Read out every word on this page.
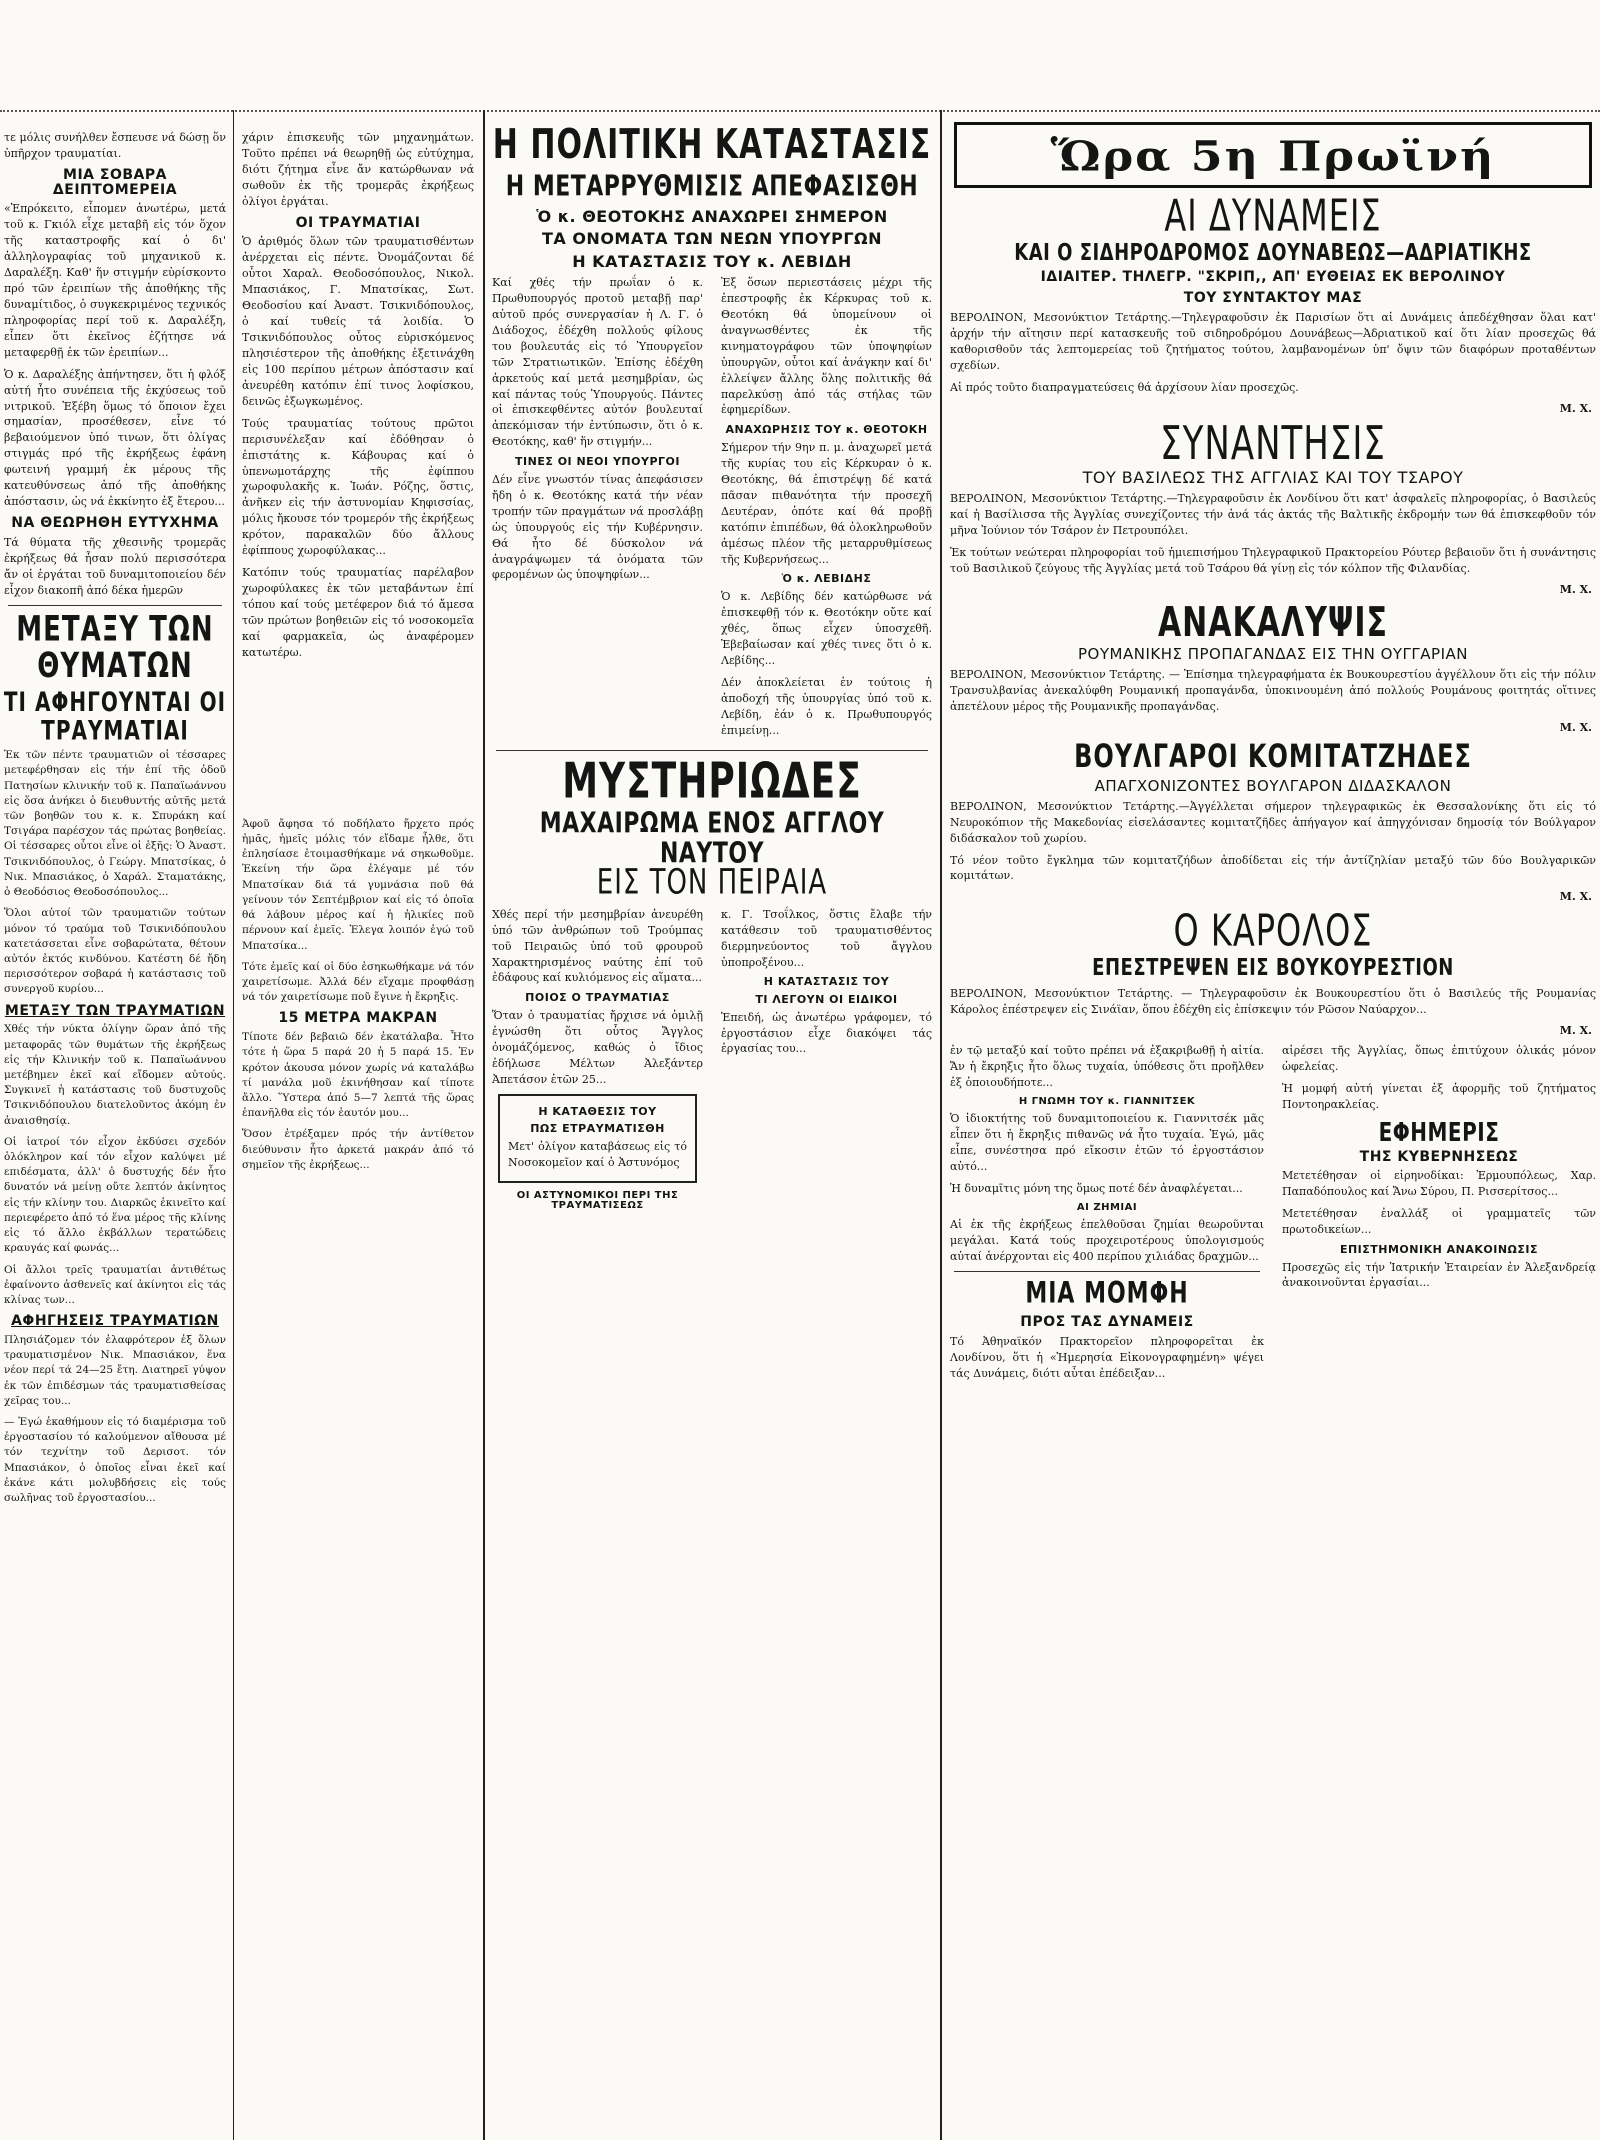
τε μόλις συνήλθεν ἔσπευσε νά δώσῃ ὅν ὑπῆρχον τραυματίαι.

ΜΙΑ ΣΟΒΑΡΑ ΔΕΙΠΤΟΜΕΡΕΙΑ

«Ἐπρόκειτο, εἶπομεν ἀνωτέρω, μετά τοῦ κ. Γκιόλ εἶχε μεταβῆ εἰς τόν ὅχον τῆς καταστροφῆς καί ὁ δι' ἀλληλογραφίας τοῦ μηχανικοῦ κ. Δαραλέξη. Καθ' ἥν στιγμήν εὑρίσκοντο πρό τῶν ἐρειπίων τῆς ἀποθήκης τῆς δυναμίτιδος, ὁ συγκεκριμένος τεχνικός πληροφορίας περί τοῦ κ. Δαραλέξη, εἶπεν ὅτι ἐκεῖνος ἐζήτησε νά μεταφερθῇ ἐκ τῶν ἐρειπίων...

Ὁ κ. Δαραλέξης ἀπήντησεν, ὅτι ἡ φλόξ αὐτή ἦτο συνέπεια τῆς ἐκχύσεως τοῦ νιτρικοῦ. Ἐξέβη ὅμως τό ὅποιον ἔχει σημασίαν, προσέθεσεν, εἶνε τό βεβαιούμενον ὑπό τινων, ὅτι ὀλίγας στιγμάς πρό τῆς ἐκρήξεως ἐφάνη φωτεινή γραμμή ἐκ μέρους τῆς κατευθύνσεως ἀπό τῆς ἀποθήκης ἀπόστασιν, ὡς νά ἐκκίνητο ἐξ ἔτερου...

ΝΑ ΘΕΩΡΗΘΗ ΕΥΤΥΧΗΜΑ

Τά θύματα τῆς χθεσινῆς τρομερᾶς ἐκρήξεως θά ἦσαν πολύ περισσότερα ἄν οἱ ἐργάται τοῦ δυναμιτοποιείου δέν εἶχον διακοπῆ ἀπό δέκα ἡμερῶν

ΜΕΤΑΞΥ ΤΩΝ ΘΥΜΑΤΩΝ
ΤΙ ΑΦΗΓΟΥΝΤΑΙ ΟΙ ΤΡΑΥΜΑΤΙΑΙ

Ἐκ τῶν πέντε τραυματιῶν οἱ τέσσαρες μετεφέρθησαν εἰς τήν ἐπί τῆς ὁδοῦ Πατησίων κλινικήν τοῦ κ. Παπαϊωάννου εἰς ὅσα ἀνήκει ὁ διευθυντής αὐτῆς μετά τῶν βοηθῶν του κ. κ. Σπυράκη καί Τσιγάρα παρέσχον τάς πρώτας βοηθείας. Οἱ τέσσαρες οὗτοι εἶνε οἱ ἑξῆς: Ὁ Ἀναστ. Τσικνιδόπουλος, ὁ Γεώργ. Μπατσίκας, ὁ Νικ. Μπασιάκος, ὁ Χαράλ. Σταματάκης, ὁ Θεοδόσιος Θεοδοσόπουλος...

Ὅλοι αὐτοί τῶν τραυματιῶν τούτων μόνον τό τραύμα τοῦ Τσικνιδόπουλου κατετάσσεται εἶνε σοβαρώτατα, θέτουν αὐτόν ἐκτός κινδύνου. Κατέστη δέ ἤδη περισσότερον σοβαρά ἡ κατάστασις τοῦ συνεργοῦ κυρίου...

ΜΕΤΑΞΥ ΤΩΝ ΤΡΑΥΜΑΤΙΩΝ

Χθές τήν νύκτα ὀλίγην ὥραν ἀπό τῆς μεταφορᾶς τῶν θυμάτων τῆς ἐκρήξεως εἰς τήν Κλινικήν τοῦ κ. Παπαϊωάννου μετέβημεν ἐκεῖ καί εἴδομεν αὐτούς. Συγκινεῖ ἡ κατάστασις τοῦ δυστυχοῦς Τσικνιδόπουλου διατελοῦντος ἀκόμη ἐν ἀναισθησίᾳ.

Οἱ ἰατροί τόν εἶχον ἐκδύσει σχεδόν ὁλόκληρον καί τόν εἶχον καλύψει μέ επιδέσματα, ἀλλ' ὁ δυστυχής δέν ἦτο δυνατόν νά μείνῃ οὔτε λεπτόν ἀκίνητος εἰς τήν κλίνην του. Διαρκῶς ἐκινεῖτο καί περιεφέρετο ἀπό τό ἕνα μέρος τῆς κλίνης εἰς τό ἄλλο ἐκβάλλων τερατώδεις κραυγάς καί φωνάς...

Οἱ ἄλλοι τρεῖς τραυματίαι ἀντιθέτως ἐφαίνοντο ἀσθενεῖς καί ἀκίνητοι εἰς τάς κλίνας των...

ΑΦΗΓΗΣΕΙΣ ΤΡΑΥΜΑΤΙΩΝ

Πλησιάζομεν τόν ἐλαφρότερον ἐξ ὅλων τραυματισμένον Νικ. Μπασιάκον, ἕνα νέον περί τά 24—25 ἔτη. Διατηρεῖ γύψον ἐκ τῶν ἐπιδέσμων τάς τραυματισθείσας χεῖρας του...

— Ἐγώ ἐκαθήμουν εἰς τό διαμέρισμα τοῦ ἐργοστασίου τό καλούμενον αἴθουσα μέ τόν τεχνίτην τοῦ Δερισοτ. τόν Μπασιάκον, ὁ ὁποῖος εἶναι ἐκεῖ καί ἐκάνε κάτι μολυβδήσεις εἰς τούς σωλῆνας τοῦ ἐργοστασίου...

χάριν ἐπισκευῆς τῶν μηχανημάτων. Τοῦτο πρέπει νά θεωρηθῇ ὡς εὐτύχημα, διότι ζήτημα εἶνε ἄν κατώρθωναν νά σωθοῦν ἐκ τῆς τρομερᾶς ἐκρήξεως ὀλίγοι ἐργάται.

ΟΙ ΤΡΑΥΜΑΤΙΑΙ

Ὁ ἀριθμός ὅλων τῶν τραυματισθέντων ἀνέρχεται εἰς πέντε. Ὀνομάζονται δέ οὗτοι Χαραλ. Θεοδοσόπουλος, Νικολ. Μπασιάκος, Γ. Μπατσίκας, Σωτ. Θεοδοσίου καί Ἀναστ. Τσικνιδόπουλος, ὁ καί τυθείς τά λοιδία. Ὁ Τσικνιδόπουλος οὗτος εὑρισκόμενος πλησιέστερον τῆς ἀποθήκης ἐξετινάχθη εἰς 100 περίπου μέτρων ἀπόστασιν καί ἀνευρέθη κατόπιν ἐπί τινος λοφίσκου, δεινῶς ἐξωγκωμένος.

Τούς τραυματίας τούτους πρῶτοι περισυνέλεξαν καί ἐδόθησαν ὁ ἐπιστάτης κ. Κάβουρας καί ὁ ὑπενωμοτάρχης τῆς ἐφίππου χωροφυλακῆς κ. Ἰωάν. Ρόζης, ὅστις, ἀνῆκεν εἰς τήν ἀστυνομίαν Κηφισσίας, μόλις ἤκουσε τόν τρομερόν τῆς ἐκρήξεως κρότον, παρακαλῶν δύο ἄλλους ἐφίππους χωροφύλακας...

Κατόπιν τούς τραυματίας παρέλαβον χωροφύλακες ἐκ τῶν μεταβάντων ἐπί τόπου καί τούς μετέφερον διά τό ἄμεσα τῶν πρώτων βοηθειῶν εἰς τό νοσοκομεῖα καί φαρμακεῖα, ὡς ἀναφέρομεν κατωτέρω.

Ἀφοῦ ἄφησα τό ποδήλατο ἤρχετο πρός ἡμᾶς, ἡμεῖς μόλις τόν εἴδαμε ἦλθε, ὅτι ἐπλησίασε ἑτοιμασθήκαμε νά σηκωθοῦμε. Ἐκείνη τήν ὥρα ἐλέγαμε μέ τόν Μπατσίκαν διά τά γυμνάσια ποῦ θά γείνουν τόν Σεπτέμβριον καί εἰς τό ὁποῖα θά λάβουν μέρος καί ἡ ἡλικίες ποῦ πέρνουν καί ἐμεῖς. Ἐλεγα λοιπόν ἐγώ τοῦ Μπατσίκα...

Τότε ἐμεῖς καί οἱ δύο ἐσηκωθήκαμε νά τόν χαιρετίσωμε. Ἀλλά δέν εἴχαμε προφθάσῃ νά τόν χαιρετίσωμε ποῦ ἔγινε ἡ ἔκρηξις.

15 ΜΕΤΡΑ ΜΑΚΡΑΝ

Τίποτε δέν βεβαιῶ δέν ἐκατάλαβα. Ἦτο τότε ἡ ὥρα 5 παρά 20 ἡ 5 παρά 15. Ἐν κρότον ἀκουσα μόνον χωρίς νά καταλάβω τί μανάλα μοῦ ἐκινήθησαν καί τίποτε ἄλλο. Ὕστερα ἀπό 5—7 λεπτά τῆς ὥρας ἐπανῆλθα εἰς τόν ἑαυτόν μου...

Ὅσον ἐτρέξαμεν πρός τήν ἀντίθετον διεύθυνσιν ἦτο ἀρκετά μακράν ἀπό τό σημεῖον τῆς ἐκρήξεως...

Η ΠΟΛΙΤΙΚΗ ΚΑΤΑΣΤΑΣΙΣ
Η ΜΕΤΑΡΡΥΘΜΙΣΙΣ ΑΠΕΦΑΣΙΣΘΗ
Ὁ κ. ΘΕΟΤΟΚΗΣ ΑΝΑΧΩΡΕΙ ΣΗΜΕΡΟΝ
ΤΑ ΟΝΟΜΑΤΑ ΤΩΝ ΝΕΩΝ ΥΠΟΥΡΓΩΝ
Η ΚΑΤΑΣΤΑΣΙΣ ΤΟΥ κ. ΛΕΒΙΔΗ

Καί χθές τήν πρωΐαν ὁ κ. Πρωθυπουργός προτοῦ μεταβῇ παρ' αὐτοῦ πρός συνεργασίαν ἡ Λ. Γ. ὁ Διάδοχος, ἐδέχθη πολλούς φίλους του βουλευτάς εἰς τό Ὑπουργεῖον τῶν Στρατιωτικῶν. Ἐπίσης ἐδέχθη ἀρκετούς καί μετά μεσημβρίαν, ὡς καί πάντας τούς Ὑπουργούς. Πάντες οἱ ἐπισκεφθέντες αὐτόν βουλευταί ἀπεκόμισαν τήν ἐντύπωσιν, ὅτι ὁ κ. Θεοτόκης, καθ' ἥν στιγμήν...

ΤΙΝΕΣ ΟΙ ΝΕΟΙ ΥΠΟΥΡΓΟΙ

Δέν εἶνε γνωστόν τίνας ἀπεφάσισεν ἤδη ὁ κ. Θεοτόκης κατά τήν νέαν τροπήν τῶν πραγμάτων νά προσλάβῃ ὡς ὑπουργούς εἰς τήν Κυβέρνησιν. Θά ἦτο δέ δύσκολον νά ἀναγράψωμεν τά ὀνόματα τῶν φερομένων ὡς ὑποψηφίων...

Ἐξ ὅσων περιεστάσεις μέχρι τῆς ἐπεστροφῆς ἐκ Κέρκυρας τοῦ κ. Θεοτόκη θά ὑπομείνουν οἱ ἀναγνωσθέντες ἐκ τῆς κινηματογράφου τῶν ὑποψηφίων ὑπουργῶν, οὗτοι καί ἀνάγκην καί δι' ἐλλείψεν ἄλλης ὅλης πολιτικῆς θά παρελκύσῃ ἀπό τάς στήλας τῶν ἐφημερίδων.

ΑΝΑΧΩΡΗΣΙΣ ΤΟΥ κ. ΘΕΟΤΟΚΗ

Σήμερον τήν 9ην π. μ. ἀναχωρεῖ μετά τῆς κυρίας του εἰς Κέρκυραν ὁ κ. Θεοτόκης, θά ἐπιστρέψῃ δέ κατά πᾶσαν πιθανότητα τήν προσεχῆ Δευτέραν, ὁπότε καί θά προβῇ κατόπιν ἐπιπέδων, θά ὁλοκληρωθοῦν ἀμέσως πλέον τῆς μεταρρυθμίσεως τῆς Κυβερνήσεως...

Ὁ κ. ΛΕΒΙΔΗΣ

Ὁ κ. Λεβίδης δέν κατώρθωσε νά ἐπισκεφθῇ τόν κ. Θεοτόκην οὔτε καί χθές, ὅπως εἶχεν ὑποσχεθῆ. Ἐβεβαίωσαν καί χθές τινες ὅτι ὁ κ. Λεβίδης...

Δέν ἀποκλείεται ἐν τούτοις ἡ ἀποδοχή τῆς ὑπουργίας ὑπό τοῦ κ. Λεβίδη, ἐάν ὁ κ. Πρωθυπουργός ἐπιμείνῃ...

ΜΥΣΤΗΡΙΩΔΕΣ
ΜΑΧΑΙΡΩΜΑ ΕΝΟΣ ΑΓΓΛΟΥ ΝΑΥΤΟΥ
ΕΙΣ ΤΟΝ ΠΕΙΡΑΙΑ

Χθές περί τήν μεσημβρίαν ἀνευρέθη ὑπό τῶν ἀνθρώπων τοῦ Τρούμπας τοῦ Πειραιῶς ὑπό τοῦ φρουροῦ Χαρακτηρισμένος ναύτης ἐπί τοῦ ἐδάφους καί κυλιόμενος εἰς αἵματα...

ΠΟΙΟΣ Ο ΤΡΑΥΜΑΤΙΑΣ

Ὅταν ὁ τραυματίας ἤρχισε νά ὁμιλῇ ἐγνώσθη ὅτι οὗτος Ἄγγλος ὀνομάζόμενος, καθώς ὁ ἴδιος ἐδήλωσε Μέλτων Ἀλεξάντερ Ἀπετάσον ἐτῶν 25...

Η ΚΑΤΑΘΕΣΙΣ ΤΟΥ
ΠΩΣ ΕΤΡΑΥΜΑΤΙΣΘΗ

Μετ' ὀλίγον καταβάσεως εἰς τό Νοσοκομεῖον καί ὁ Ἀστυνόμος

ΟΙ ΑΣΤΥΝΟΜΙΚΟΙ ΠΕΡΙ ΤΗΣ ΤΡΑΥΜΑΤΙΣΕΩΣ

κ. Γ. Τσοΐλκος, ὅστις ἔλαβε τήν κατάθεσιν τοῦ τραυματισθέντος διερμηνεύοντος τοῦ ἄγγλου ὑποπροξένου...

Η ΚΑΤΑΣΤΑΣΙΣ ΤΟΥ
ΤΙ ΛΕΓΟΥΝ ΟΙ ΕΙΔΙΚΟΙ

Ἐπειδή, ὡς ἀνωτέρω γράφομεν, τό ἐργοστάσιον εἶχε διακόψει τάς ἐργασίας του...

Ὥρα 5η Πρωϊνή
ΑΙ ΔΥΝΑΜΕΙΣ
ΚΑΙ Ο ΣΙΔΗΡΟΔΡΟΜΟΣ ΔΟΥΝΑΒΕΩΣ—ΑΔΡΙΑΤΙΚΗΣ
ΙΔΙΑΙΤΕΡ. ΤΗΛΕΓΡ. "ΣΚΡΙΠ,, ΑΠ' ΕΥΘΕΙΑΣ ΕΚ ΒΕΡΟΛΙΝΟΥ
ΤΟΥ ΣΥΝΤΑΚΤΟΥ ΜΑΣ

ΒΕΡΟΛΙΝΟΝ, Μεσονύκτιον Τετάρτης.—Τηλεγραφοῦσιν ἐκ Παρισίων ὅτι αἱ Δυνάμεις ἀπεδέχθησαν ὅλαι κατ' ἀρχήν τήν αἴτησιν περί κατασκευῆς τοῦ σιδηροδρόμου Δουνάβεως—Ἀδριατικοῦ καί ὅτι λίαν προσεχῶς θά καθορισθοῦν τάς λεπτομερείας τοῦ ζητήματος τούτου, λαμβανομένων ὑπ' ὄψιν τῶν διαφόρων προταθέντων σχεδίων.

Αἱ πρός τοῦτο διαπραγματεύσεις θά ἀρχίσουν λίαν προσεχῶς.

Μ. Χ.
ΣΥΝΑΝΤΗΣΙΣ
ΤΟΥ ΒΑΣΙΛΕΩΣ ΤΗΣ ΑΓΓΛΙΑΣ ΚΑΙ ΤΟΥ ΤΣΑΡΟΥ

ΒΕΡΟΛΙΝΟΝ, Μεσονύκτιον Τετάρτης.—Τηλεγραφοῦσιν ἐκ Λονδίνου ὅτι κατ' ἀσφαλεῖς πληροφορίας, ὁ Βασιλεύς καί ἡ Βασίλισσα τῆς Ἀγγλίας συνεχίζοντες τήν ἀνά τάς ἀκτάς τῆς Βαλτικῆς ἐκδρομήν των θά ἐπισκεφθοῦν τόν μῆνα Ἰούνιον τόν Τσάρον ἐν Πετρουπόλει.

Ἐκ τούτων νεώτεραι πληροφορίαι τοῦ ἡμιεπισήμου Τηλεγραφικοῦ Πρακτορείου Ρόυτερ βεβαιοῦν ὅτι ἡ συνάντησις τοῦ Βασιλικοῦ ζεύγους τῆς Ἀγγλίας μετά τοῦ Τσάρου θά γίνῃ εἰς τόν κόλπον τῆς Φιλανδίας.

Μ. Χ.
ΑΝΑΚΑΛΥΨΙΣ
ΡΟΥΜΑΝΙΚΗΣ ΠΡΟΠΑΓΑΝΔΑΣ ΕΙΣ ΤΗΝ ΟΥΓΓΑΡΙΑΝ

ΒΕΡΟΛΙΝΟΝ, Μεσονύκτιον Τετάρτης. — Ἐπίσημα τηλεγραφήματα ἐκ Βουκουρεστίου ἀγγέλλουν ὅτι εἰς τήν πόλιν Τρανσυλβανίας ἀνεκαλύφθη Ρουμανική προπαγάνδα, ὑποκινουμένη ἀπό πολλούς Ρουμάνους φοιτητάς οἵτινες ἀπετέλουν μέρος τῆς Ρουμανικῆς προπαγάνδας.

Μ. Χ.
ΒΟΥΛΓΑΡΟΙ ΚΟΜΙΤΑΤΖΗΔΕΣ
ΑΠΑΓΧΟΝΙΖΟΝΤΕΣ ΒΟΥΛΓΑΡΟΝ ΔΙΔΑΣΚΑΛΟΝ

ΒΕΡΟΛΙΝΟΝ, Μεσονύκτιον Τετάρτης.—Ἀγγέλλεται σήμερον τηλεγραφικῶς ἐκ Θεσσαλονίκης ὅτι εἰς τό Νευροκόπιον τῆς Μακεδονίας εἰσελάσαντες κομιτατζῆδες ἀπήγαγον καί ἀπηγχόνισαν δημοσίᾳ τόν Βούλγαρον διδάσκαλον τοῦ χωρίου.

Τό νέον τοῦτο ἔγκλημα τῶν κομιτατζήδων ἀποδίδεται εἰς τήν ἀντίζηλίαν μεταξύ τῶν δύο Βουλγαρικῶν κομιτάτων.

Μ. Χ.
Ο ΚΑΡΟΛΟΣ
ΕΠΕΣΤΡΕΨΕΝ ΕΙΣ ΒΟΥΚΟΥΡΕΣΤΙΟΝ

ΒΕΡΟΛΙΝΟΝ, Μεσονύκτιον Τετάρτης. — Τηλεγραφοῦσιν ἐκ Βουκουρεστίου ὅτι ὁ Βασιλεύς τῆς Ρουμανίας Κάρολος ἐπέστρεψεν εἰς Σινάϊαν, ὅπου ἐδέχθη εἰς ἐπίσκεψιν τόν Ρῶσον Ναύαρχον...

Μ. Χ.

ἐν τῷ μεταξύ καί τοῦτο πρέπει νά ἐξακριβωθῇ ἡ αἰτία. Ἄν ἡ ἔκρηξις ἦτο ὅλως τυχαία, ὑπόθεσις ὅτι προῆλθεν ἐξ ὁποιουδήποτε...

Η ΓΝΩΜΗ ΤΟΥ κ. ΓΙΑΝΝΙΤΣΕΚ

Ὁ ἰδιοκτήτης τοῦ δυναμιτοποιείου κ. Γιαννιτσέκ μᾶς εἶπεν ὅτι ἡ ἔκρηξις πιθανῶς νά ἦτο τυχαία. Ἐγώ, μᾶς εἶπε, συνέστησα πρό εἴκοσιν ἐτῶν τό ἐργοστάσιον αὐτό...

Ἡ δυναμῖτις μόνη της ὅμως ποτέ δέν ἀναφλέγεται...

ΑΙ ΖΗΜΙΑΙ

Αἱ ἐκ τῆς ἐκρήξεως ἐπελθοῦσαι ζημίαι θεωροῦνται μεγάλαι. Κατά τούς προχειροτέρους ὑπολογισμούς αὐταί ἀνέρχονται εἰς 400 περίπου χιλιάδας δραχμῶν...

ΜΙΑ ΜΟΜΦΗ
ΠΡΟΣ ΤΑΣ ΔΥΝΑΜΕΙΣ

Τό Ἀθηναϊκόν Πρακτορεῖον πληροφορεῖται ἐκ Λονδίνου, ὅτι ἡ «Ἡμερησία Εἰκονογραφημένη» ψέγει τάς Δυνάμεις, διότι αὗται ἐπέδειξαν...

αἱρέσει τῆς Ἀγγλίας, ὅπως ἐπιτύχουν ὁλικάς μόνον ὠφελείας.

Ἡ μομφή αὐτή γίνεται ἐξ ἀφορμῆς τοῦ ζητήματος Ποντοηρακλείας.

ΕΦΗΜΕΡΙΣ
ΤΗΣ ΚΥΒΕΡΝΗΣΕΩΣ

Μετετέθησαν οἱ εἰρηνοδίκαι: Ἑρμουπόλεως, Χαρ. Παπαδόπουλος καί Ἄνω Σύρου, Π. Ρισσερίτσος...

Μετετέθησαν ἐναλλάξ οἱ γραμματεῖς τῶν πρωτοδικείων...

ΕΠΙΣΤΗΜΟΝΙΚΗ ΑΝΑΚΟΙΝΩΣΙΣ

Προσεχῶς εἰς τήν Ἰατρικήν Ἑταιρείαν ἐν Ἀλεξανδρείᾳ ἀνακοινοῦνται ἐργασίαι...
